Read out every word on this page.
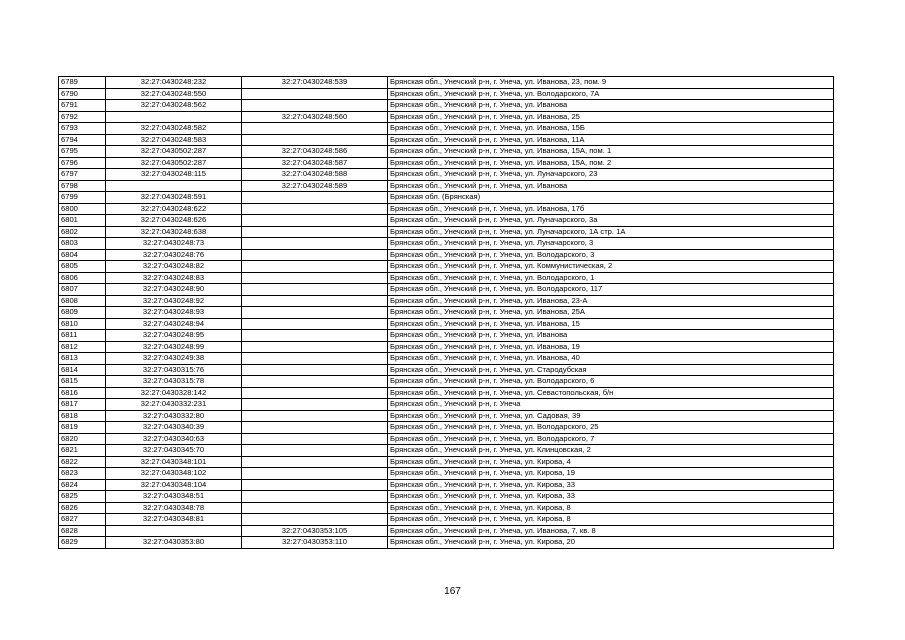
6789	32:27:0430248:232	32:27:0430248:539	Брянская обл., Унечский р-н, г. Унеча, ул. Иванова, 23, пом. 9
6790	32:27:0430248:550		Брянская обл., Унечский р-н, г. Унеча, ул. Володарского, 7А
6791	32:27:0430248:562		Брянская обл., Унечский р-н, г. Унеча, ул. Иванова
6792		32:27:0430248:560	Брянская обл., Унечский р-н, г. Унеча, ул. Иванова, 25
6793	32:27:0430248:582		Брянская обл., Унечский р-н, г. Унеча, ул. Иванова, 15Б
6794	32:27:0430248:583		Брянская обл., Унечский р-н, г. Унеча, ул. Иванова, 11А
6795	32:27:0430502:287	32:27:0430248:586	Брянская обл., Унечский р-н, г. Унеча, ул. Иванова, 15А, пом. 1
6796	32:27:0430502:287	32:27:0430248:587	Брянская обл., Унечский р-н, г. Унеча, ул. Иванова, 15А, пом. 2
6797	32:27:0430248:115	32:27:0430248:588	Брянская обл., Унечский р-н, г. Унеча, ул. Луначарского, 23
6798		32:27:0430248:589	Брянская обл., Унечский р-н, г. Унеча, ул. Иванова
6799	32:27:0430248:591		Брянская обл. (Брянская)
6800	32:27:0430248:622		Брянская обл., Унечский р-н, г. Унеча, ул. Иванова, 17б
6801	32:27:0430248:626		Брянская обл., Унечский р-н, г. Унеча, ул. Луначарского, 3а
6802	32:27:0430248:638		Брянская обл., Унечский р-н, г. Унеча, ул. Луначарского, 1А стр. 1А
6803	32:27:0430248:73		Брянская обл., Унечский р-н, г. Унеча, ул. Луначарского, 3
6804	32:27:0430248:76		Брянская обл., Унечский р-н, г. Унеча, ул. Володарского, 3
6805	32:27:0430248:82		Брянская обл., Унечский р-н, г. Унеча, ул. Коммунистическая, 2
6806	32:27:0430248:83		Брянская обл., Унечский р-н, г. Унеча, ул. Володарского, 1
6807	32:27:0430248:90		Брянская обл., Унечский р-н, г. Унеча, ул. Володарского, 117
6808	32:27:0430248:92		Брянская обл., Унечский р-н, г. Унеча, ул. Иванова, 23-А
6809	32:27:0430248:93		Брянская обл., Унечский р-н, г. Унеча, ул. Иванова, 25А
6810	32:27:0430248:94		Брянская обл., Унечский р-н, г. Унеча, ул. Иванова, 15
6811	32:27:0430248:95		Брянская обл., Унечский р-н, г. Унеча, ул. Иванова
6812	32:27:0430248:99		Брянская обл., Унечский р-н, г. Унеча, ул. Иванова, 19
6813	32:27:0430249:38		Брянская обл., Унечский р-н, г. Унеча, ул. Иванова, 40
6814	32:27:0430315:76		Брянская обл., Унечский р-н, г. Унеча, ул. Стародубская
6815	32:27:0430315:78		Брянская обл., Унечский р-н, г. Унеча, ул. Володарского, 6
6816	32:27:0430328:142		Брянская обл., Унечский р-н, г. Унеча, ул. Севастопольская, б/н
6817	32:27:0430332:231		Брянская обл., Унечский р-н, г. Унеча
6818	32:27:0430332:80		Брянская обл., Унечский р-н, г. Унеча, ул. Садовая, 39
6819	32:27:0430340:39		Брянская обл., Унечский р-н, г. Унеча, ул. Володарского, 25
6820	32:27:0430340:63		Брянская обл., Унечский р-н, г. Унеча, ул. Володарского, 7
6821	32:27:0430345:70		Брянская обл., Унечский р-н, г. Унеча, ул. Клинцовская, 2
6822	32:27:0430348:101		Брянская обл., Унечский р-н, г. Унеча, ул. Кирова, 4
6823	32:27:0430348:102		Брянская обл., Унечский р-н, г. Унеча, ул. Кирова, 19
6824	32:27:0430348:104		Брянская обл., Унечский р-н, г. Унеча, ул. Кирова, 33
6825	32:27:0430348:51		Брянская обл., Унечский р-н, г. Унеча, ул. Кирова, 33
6826	32:27:0430348:78		Брянская обл., Унечский р-н, г. Унеча, ул. Кирова, 8
6827	32:27:0430348:81		Брянская обл., Унечский р-н, г. Унеча, ул. Кирова, 8
6828		32:27:0430353:105	Брянская обл., Унечский р-н, г. Унеча, ул. Иванова, 7, кв. 8
6829	32:27:0430353:80	32:27:0430353:110	Брянская обл., Унечский р-н, г. Унеча, ул. Кирова, 20
167
